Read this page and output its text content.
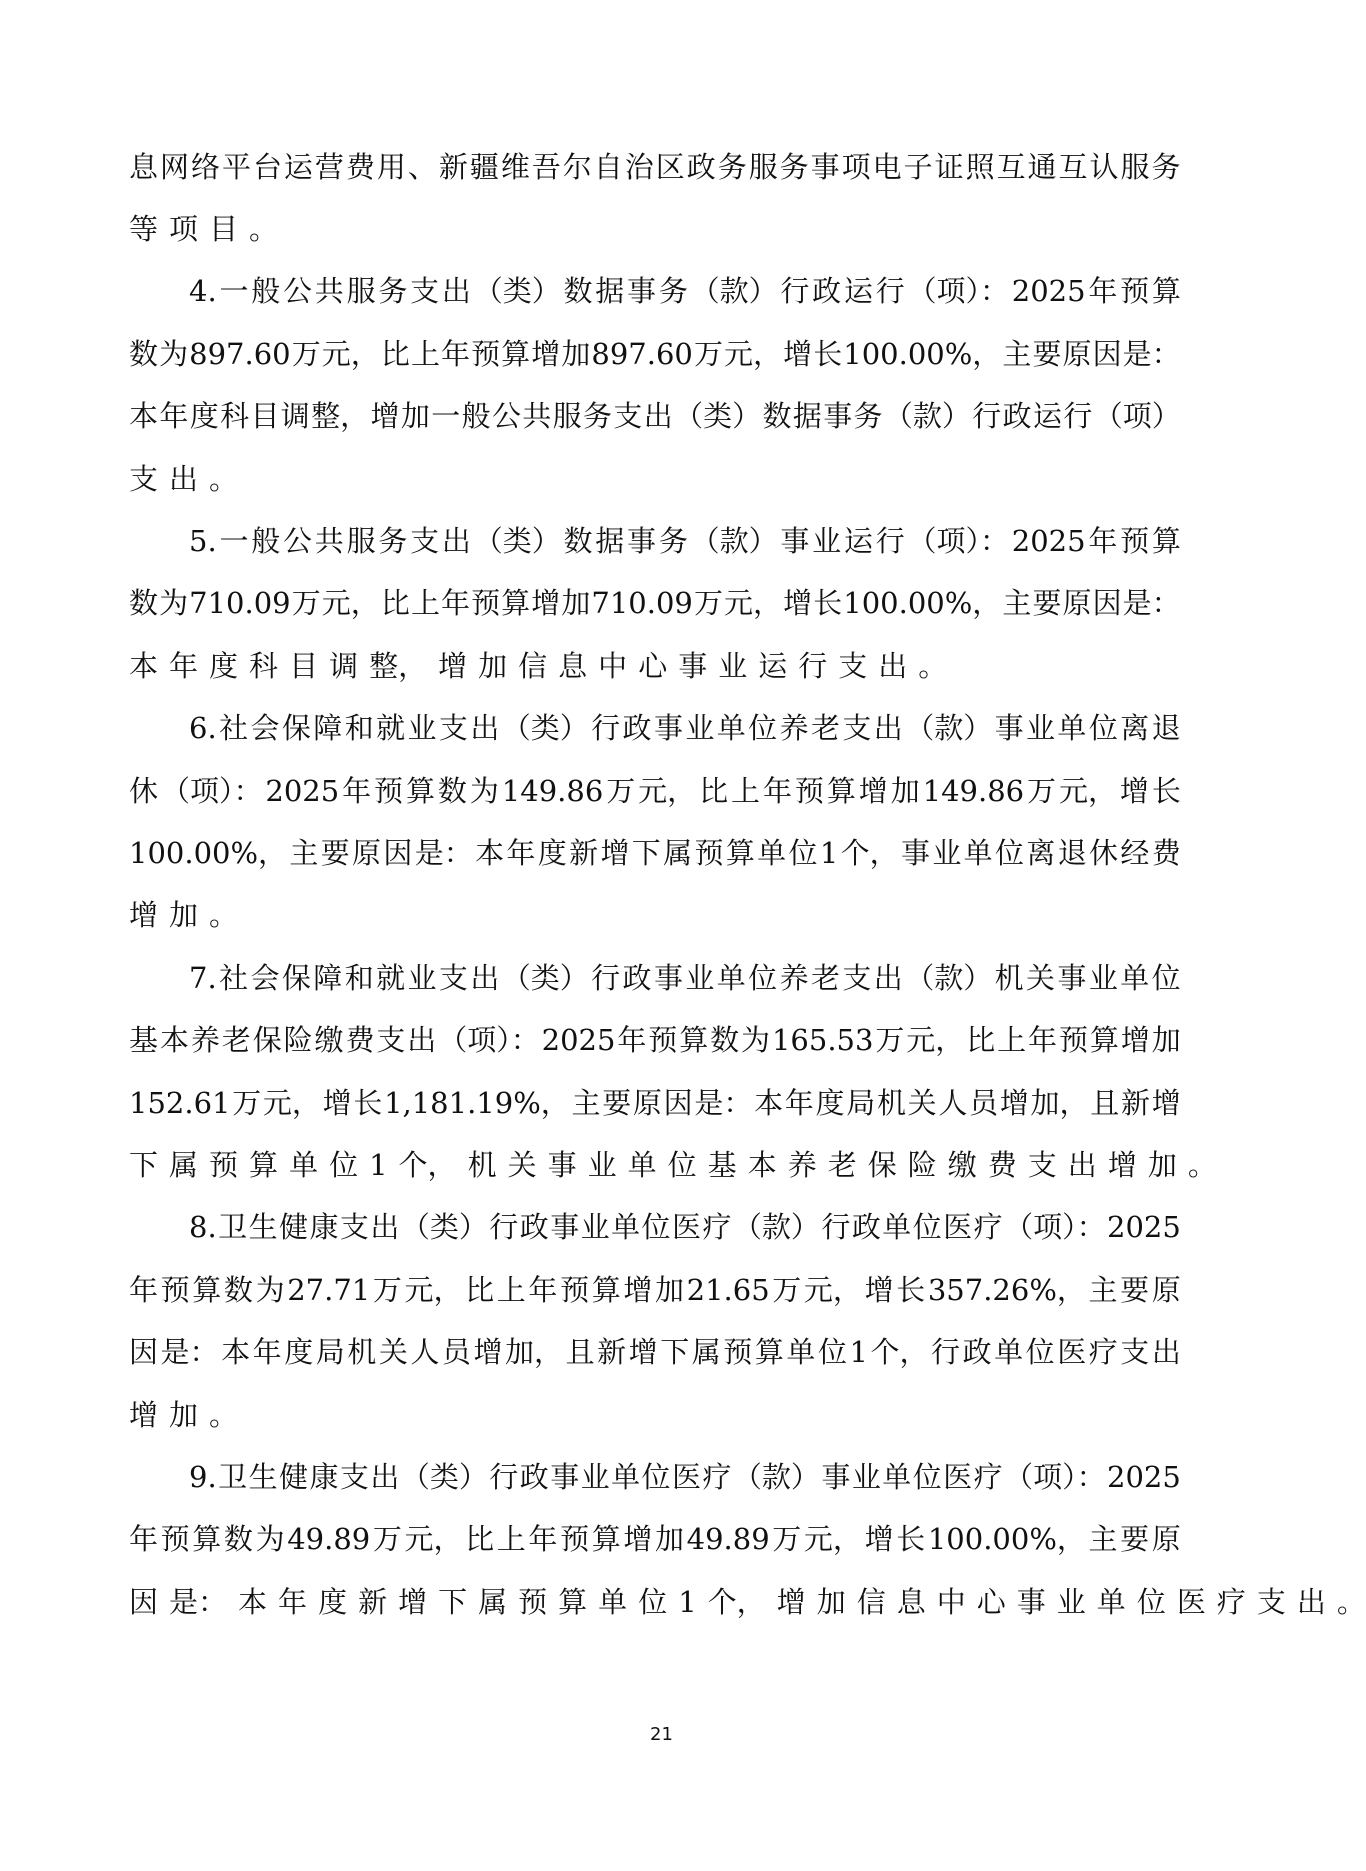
息 网 络 平 台 运 营 费 用 、 新 疆 维 吾 尔 自 治 区 政 务 服 务 事 项 电 子 证 照 互 通 互 认 服 务
等 项 目 。
4. 一 般 公 共 服 务 支 出 （类） 数 据 事 务 （款） 行 政 运 行 （项）： 2025 年 预 算
数 为 897.60 万 元， 比 上 年 预 算 增 加 897.60 万 元， 增 长 100.00%， 主 要 原 因 是：
本 年 度 科 目 调 整， 增 加 一 般 公 共 服 务 支 出 （类） 数 据 事 务 （款） 行 政 运 行 （项）
支 出 。
5. 一 般 公 共 服 务 支 出 （类） 数 据 事 务 （款） 事 业 运 行 （项）： 2025 年 预 算
数 为 710.09 万 元， 比 上 年 预 算 增 加 710.09 万 元， 增 长 100.00%， 主 要 原 因 是：
本 年 度 科 目 调 整， 增 加 信 息 中 心 事 业 运 行 支 出 。
6. 社 会 保 障 和 就 业 支 出 （类） 行 政 事 业 单 位 养 老 支 出 （款） 事 业 单 位 离 退
休 （项）： 2025 年 预 算 数 为 149.86 万 元， 比 上 年 预 算 增 加 149.86 万 元， 增 长
100.00%， 主 要 原 因 是： 本 年 度 新 增 下 属 预 算 单 位 1 个， 事 业 单 位 离 退 休 经 费
增 加 。
7. 社 会 保 障 和 就 业 支 出 （类） 行 政 事 业 单 位 养 老 支 出 （款） 机 关 事 业 单 位
基 本 养 老 保 险 缴 费 支 出 （项）： 2025 年 预 算 数 为 165.53 万 元， 比 上 年 预 算 增 加
152.61 万 元， 增 长 1,181.19%， 主 要 原 因 是： 本 年 度 局 机 关 人 员 增 加， 且 新 增
下 属 预 算 单 位 1 个， 机 关 事 业 单 位 基 本 养 老 保 险 缴 费 支 出 增 加 。
8. 卫 生 健 康 支 出 （类） 行 政 事 业 单 位 医 疗 （款） 行 政 单 位 医 疗 （项）： 2025
年 预 算 数 为 27.71 万 元， 比 上 年 预 算 增 加 21.65 万 元， 增 长 357.26%， 主 要 原
因 是： 本 年 度 局 机 关 人 员 增 加， 且 新 增 下 属 预 算 单 位 1 个， 行 政 单 位 医 疗 支 出
增 加 。
9. 卫 生 健 康 支 出 （类） 行 政 事 业 单 位 医 疗 （款） 事 业 单 位 医 疗 （项）： 2025
年 预 算 数 为 49.89 万 元， 比 上 年 预 算 增 加 49.89 万 元， 增 长 100.00%， 主 要 原
因 是： 本 年 度 新 增 下 属 预 算 单 位 1 个， 增 加 信 息 中 心 事 业 单 位 医 疗 支 出 。
21
